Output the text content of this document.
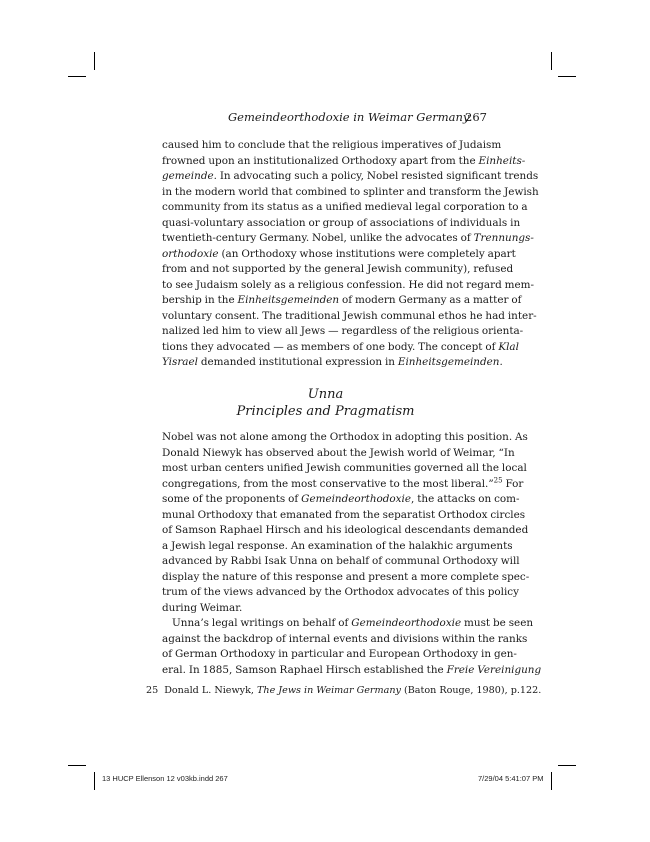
Gemeindeorthodoxie in Weimar Germany
267
caused him to conclude that the religious imperatives of Judaism
frowned upon an institutionalized Orthodoxy apart from the Einheits-
gemeinde. In advocating such a policy, Nobel resisted significant trends
in the modern world that combined to splinter and transform the Jewish
community from its status as a unified medieval legal corporation to a
quasi-voluntary association or group of associations of individuals in
twentieth-century Germany. Nobel, unlike the advocates of Trennungs-
orthodoxie (an Orthodoxy whose institutions were completely apart
from and not supported by the general Jewish community), refused
to see Judaism solely as a religious confession. He did not regard mem-
bership in the Einheitsgemeinden of modern Germany as a matter of
voluntary consent. The traditional Jewish communal ethos he had inter-
nalized led him to view all Jews — regardless of the religious orienta-
tions they advocated — as members of one body. The concept of Klal
Yisrael demanded institutional expression in Einheitsgemeinden.
Unna
Principles and Pragmatism
Nobel was not alone among the Orthodox in adopting this position. As
Donald Niewyk has observed about the Jewish world of Weimar, “In
most urban centers unified Jewish communities governed all the local
congregations, from the most conservative to the most liberal.”$^{25}$ For
some of the proponents of Gemeindeorthodoxie, the attacks on com-
munal Orthodoxy that emanated from the separatist Orthodox circles
of Samson Raphael Hirsch and his ideological descendants demanded
a Jewish legal response. An examination of the halakhic arguments
advanced by Rabbi Isak Unna on behalf of communal Orthodoxy will
display the nature of this response and present a more complete spec-
trum of the views advanced by the Orthodox advocates of this policy
during Weimar.
Unna’s legal writings on behalf of Gemeindeorthodoxie must be seen
against the backdrop of internal events and divisions within the ranks
of German Orthodoxy in particular and European Orthodoxy in gen-
eral. In 1885, Samson Raphael Hirsch established the Freie Vereinigung
25 Donald L. Niewyk, The Jews in Weimar Germany (Baton Rouge, 1980), p.122.
13 HUCP Ellenson 12 v03kb.indd 267	7/29/04 5:41:07 PM
